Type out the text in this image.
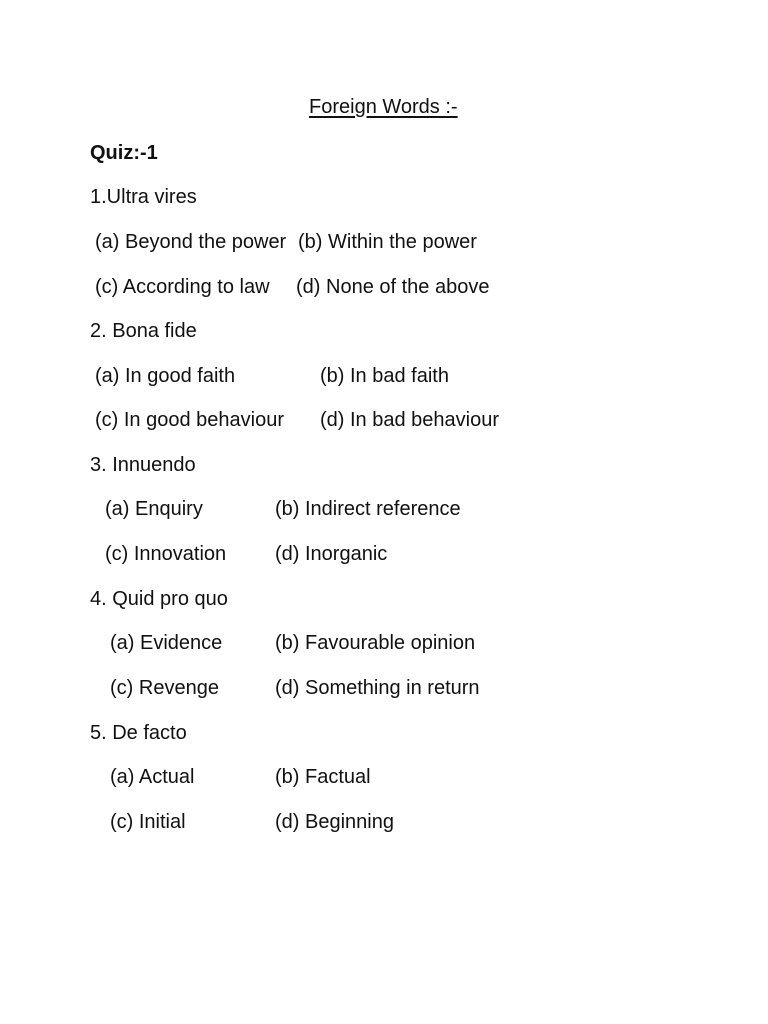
Foreign Words :-
Quiz:-1
1.Ultra vires
(a) Beyond the power (b) Within the power
(c) According to law (d) None of the above
2. Bona fide
(a) In good faith	(b) In bad faith
(c) In good behaviour (d) In bad behaviour
3. Innuendo
(a) Enquiry	(b) Indirect reference
(c) Innovation (d) Inorganic
4. Quid pro quo
(a) Evidence	(b) Favourable opinion
(c) Revenge	(d) Something in return
5. De facto
(a) Actual	(b) Factual
(c) Initial	(d) Beginning
